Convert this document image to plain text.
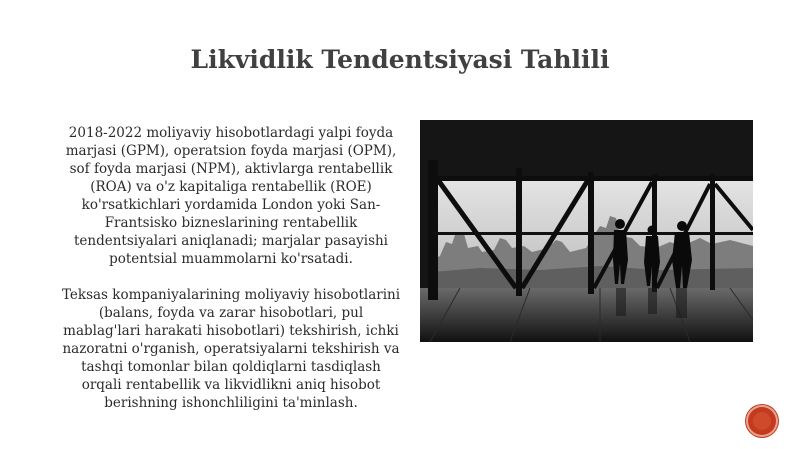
Likvidlik Tendentsiyasi Tahlili

2018-2022 moliyaviy hisobotlardagi yalpi foyda marjasi (GPM), operatsion foyda marjasi (OPM), sof foyda marjasi (NPM), aktivlarga rentabellik (ROA) va o'z kapitaliga rentabellik (ROE) ko'rsatkichlari yordamida London yoki San-Frantsisko bizneslarining rentabellik tendentsiyalari aniqlanadi; marjalar pasayishi potentsial muammolarni ko'rsatadi.

Teksas kompaniyalarining moliyaviy hisobotlarini (balans, foyda va zarar hisobotlari, pul mablag'lari harakati hisobotlari) tekshirish, ichki nazoratni o'rganish, operatsiyalarni tekshirish va tashqi tomonlar bilan qoldiqlarni tasdiqlash orqali rentabellik va likvidlikni aniq hisobot berishning ishonchliligini ta'minlash.
